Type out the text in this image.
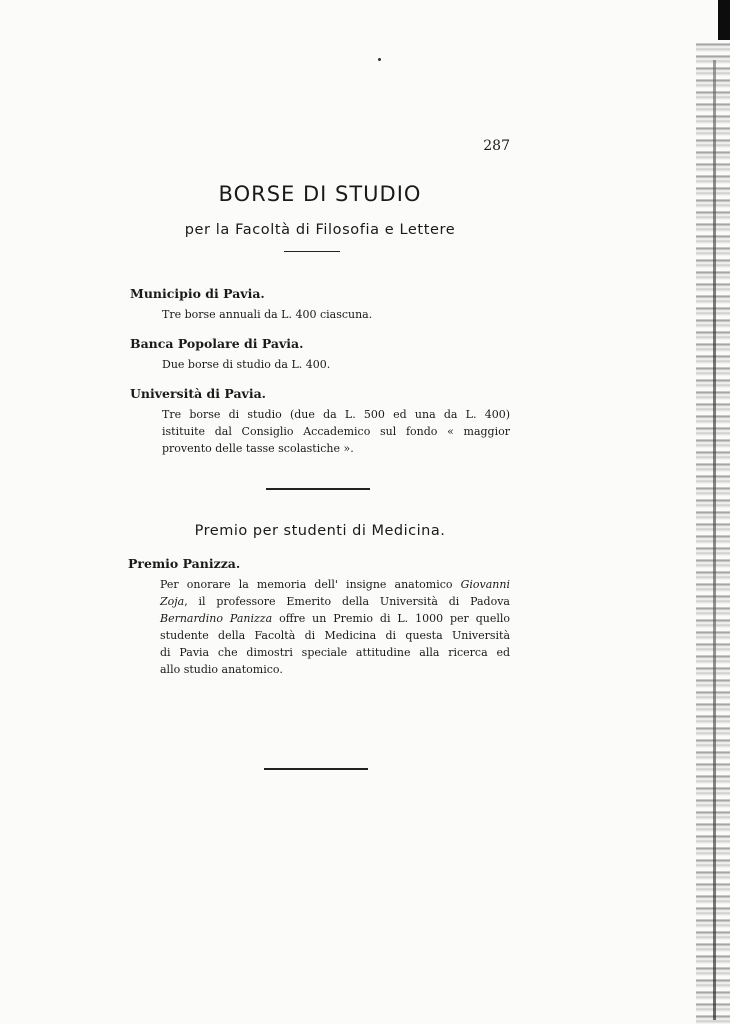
287
BORSE DI STUDIO
per la Facoltà di Filosofia e Lettere
Municipio di Pavia.
Tre borse annuali da L. 400 ciascuna.
Banca Popolare di Pavia.
Due borse di studio da L. 400.
Università di Pavia.
Tre borse di studio (due da L. 500 ed una da L. 400)
istituite dal Consiglio Accademico sul fondo « maggior
provento delle tasse scolastiche ».
Premio per studenti di Medicina.
Premio Panizza.
Per onorare la memoria dell' insigne anatomico Giovanni
Zoja, il professore Emerito della Università di Padova
Bernardino Panizza offre un Premio di L. 1000 per quello
studente della Facoltà di Medicina di questa Università
di Pavia che dimostri speciale attitudine alla ricerca ed
allo studio anatomico.
